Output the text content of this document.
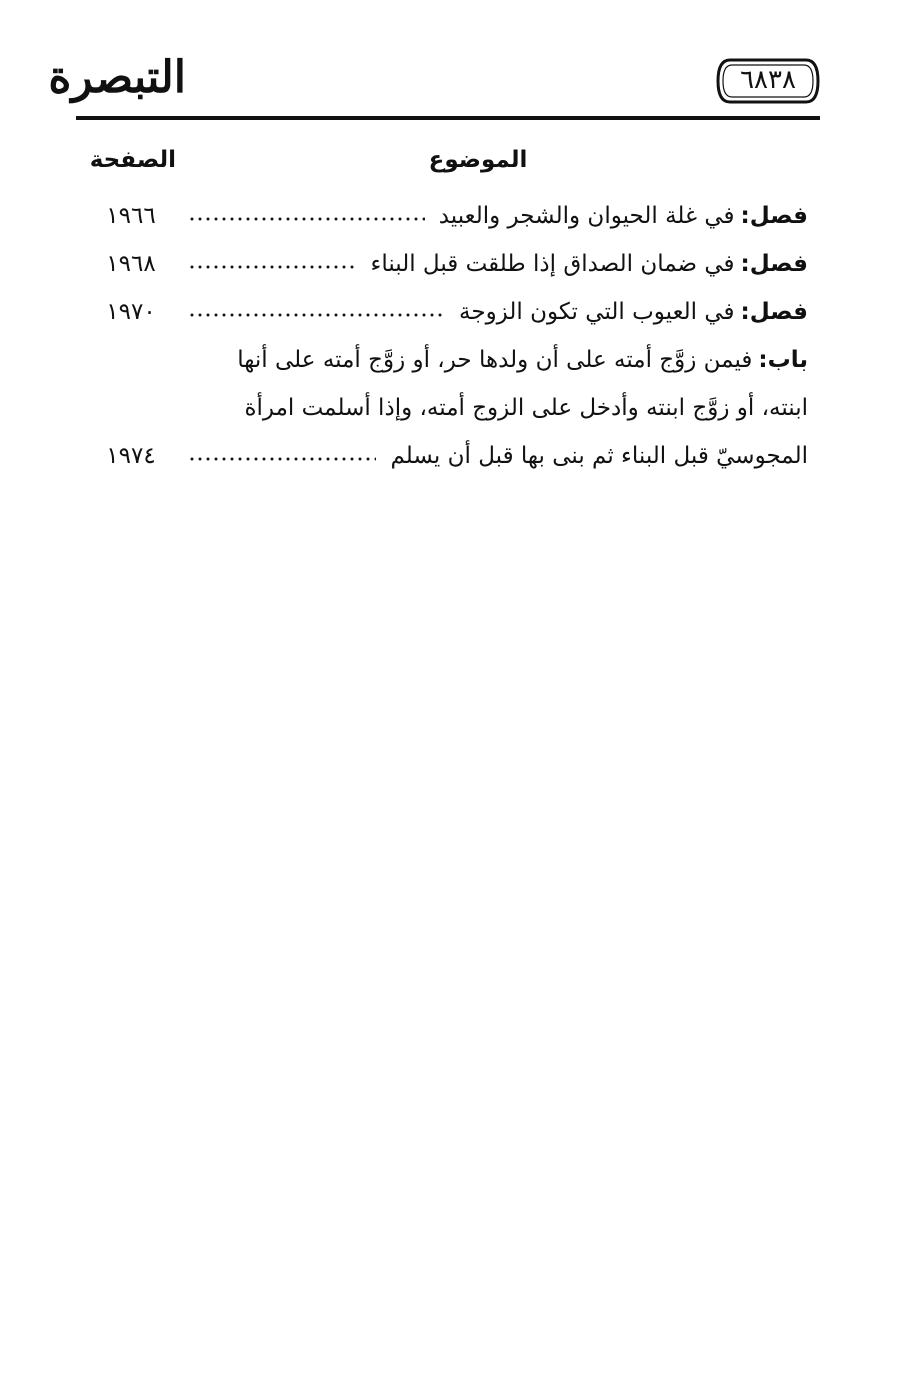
التبصرة	٦٨٣٨
الموضوع
الصفحة
فصل:
في غلة الحيوان والشجر والعبيد
١٩٦٦
فصل:
في ضمان الصداق إذا طلقت قبل البناء
١٩٦٨
فصل:
في العيوب التي تكون الزوجة
١٩٧٠
باب:
فيمن زوَّج أمته على أن ولدها حر، أو زوَّج أمته على أنها
ابنته، أو زوَّج ابنته وأدخل على الزوج أمته، وإذا أسلمت امرأة
المجوسيّ قبل البناء ثم بنى بها قبل أن يسلم
١٩٧٤
